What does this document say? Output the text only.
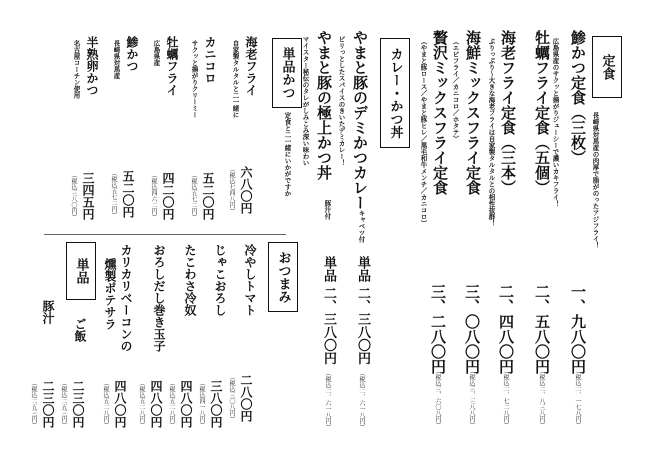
定食
長崎県対馬産の肉厚で脂がのったアジフライ！
鯵かつ定食（三枚）
一、九八〇円
（税込二、一七八円）
広島県産のサクッと揚がりジューシーで濃いカキフライ！
牡蠣フライ定食（五個）
二、五八〇円
（税込二、八三八円）
海老フライ定食（三本）
ぷりっぷり～大きな海老フライは自家製タルタルとの相性抜群！
二、四八〇円
（税込二、七二八円）
海鮮ミックスフライ定食
（エビフライ／カニコロ／ホタテ）
三、〇八〇円
（税込三、三八八円）
贅沢ミックスフライ定食
（やまと豚ロース／やまと豚ヒレ／黒毛和牛メンチ／カニコロ）
三、二八〇円
（税込三、六〇八円）
カレー・かつ丼
やまと豚のデミかつカレー
キャベツ付
ピリっとしたスパイスのきいたデミカレー！
単品 二、三八〇円
（税込二、六一八円）
やまと豚の極上かつ丼
豚汁付
マイスター秘伝のタレがしみこみ深い味わい
単品 二、三八〇円
（税込二、六一八円）
単品かつ
定食と二一緒にいかがですか
海老フライ
自家製タルタルと二一緒に
六八〇円
（税込七四八円）
カニコロ
サクッと揚がりクリーミー
五二〇円
（税込五七二円）
牡蠣フライ
広島県産
四二〇円
（税込四六二円）
鯵かつ
長崎県対馬産
五二〇円
（税込五七二円）
半熟卵かつ
名古屋コーチン使用
三四五円
（税込三八〇円）
おつまみ
冷やしトマト
二八〇円
（税込三〇八円）
じゃこおろし
三八〇円
（税込四一八円）
たこわさ冷奴
四八〇円
（税込五二八円）
おろしだし巻き玉子
四八〇円
（税込五二八円）
カリカリベーコンの
燻製ポテサラ
四八〇円
（税込五二八円）
単品
ご飯
二三〇円
（税込二五三円）
豚汁
二三〇円
（税込二五三円）
